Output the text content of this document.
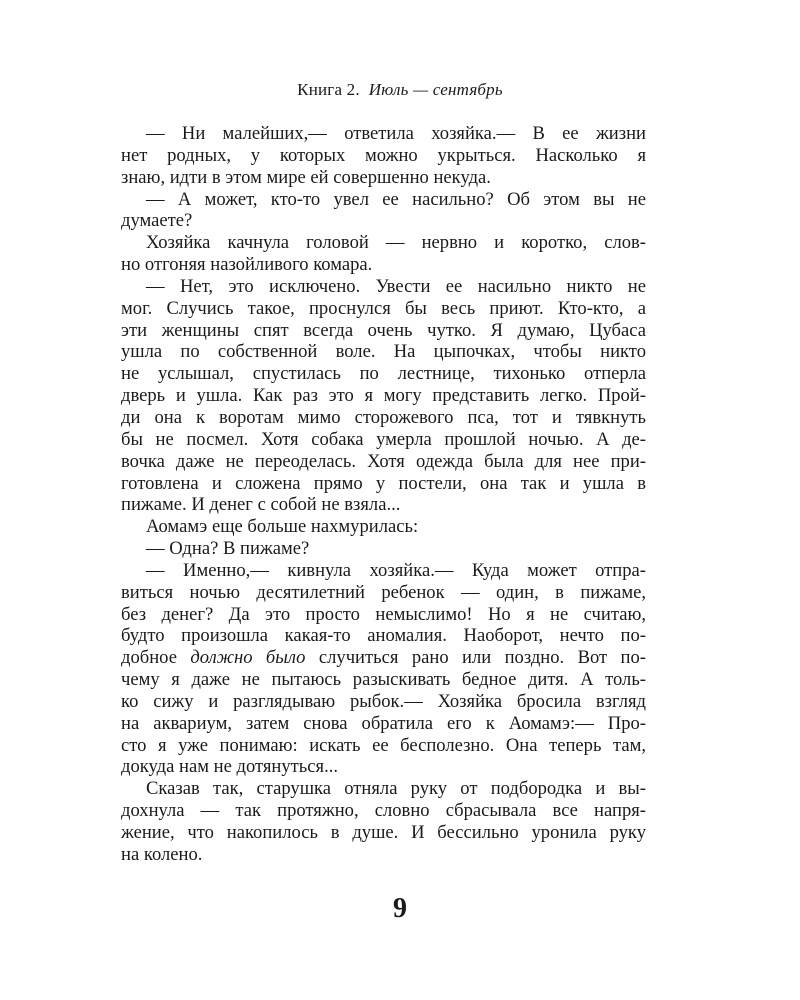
Книга 2. Июль — сентябрь
— Ни малейших,— ответила хозяйка.— В ее жизни
нет родных, у которых можно укрыться. Насколько я
знаю, идти в этом мире ей совершенно некуда.
— А может, кто-то увел ее насильно? Об этом вы не
думаете?
Хозяйка качнула головой — нервно и коротко, слов-
но отгоняя назойливого комара.
— Нет, это исключено. Увести ее насильно никто не
мог. Случись такое, проснулся бы весь приют. Кто-кто, а
эти женщины спят всегда очень чутко. Я думаю, Цубаса
ушла по собственной воле. На цыпочках, чтобы никто
не услышал, спустилась по лестнице, тихонько отперла
дверь и ушла. Как раз это я могу представить легко. Прой-
ди она к воротам мимо сторожевого пса, тот и тявкнуть
бы не посмел. Хотя собака умерла прошлой ночью. А де-
вочка даже не переоделась. Хотя одежда была для нее при-
готовлена и сложена прямо у постели, она так и ушла в
пижаме. И денег с собой не взяла...
Аомамэ еще больше нахмурилась:
— Одна? В пижаме?
— Именно,— кивнула хозяйка.— Куда может отпра-
виться ночью десятилетний ребенок — один, в пижаме,
без денег? Да это просто немыслимо! Но я не считаю,
будто произошла какая-то аномалия. Наоборот, нечто по-
добное должно было случиться рано или поздно. Вот по-
чему я даже не пытаюсь разыскивать бедное дитя. А толь-
ко сижу и разглядываю рыбок.— Хозяйка бросила взгляд
на аквариум, затем снова обратила его к Аомамэ:— Про-
сто я уже понимаю: искать ее бесполезно. Она теперь там,
докуда нам не дотянуться...
Сказав так, старушка отняла руку от подбородка и вы-
дохнула — так протяжно, словно сбрасывала все напря-
жение, что накопилось в душе. И бессильно уронила руку
на колено.
9
